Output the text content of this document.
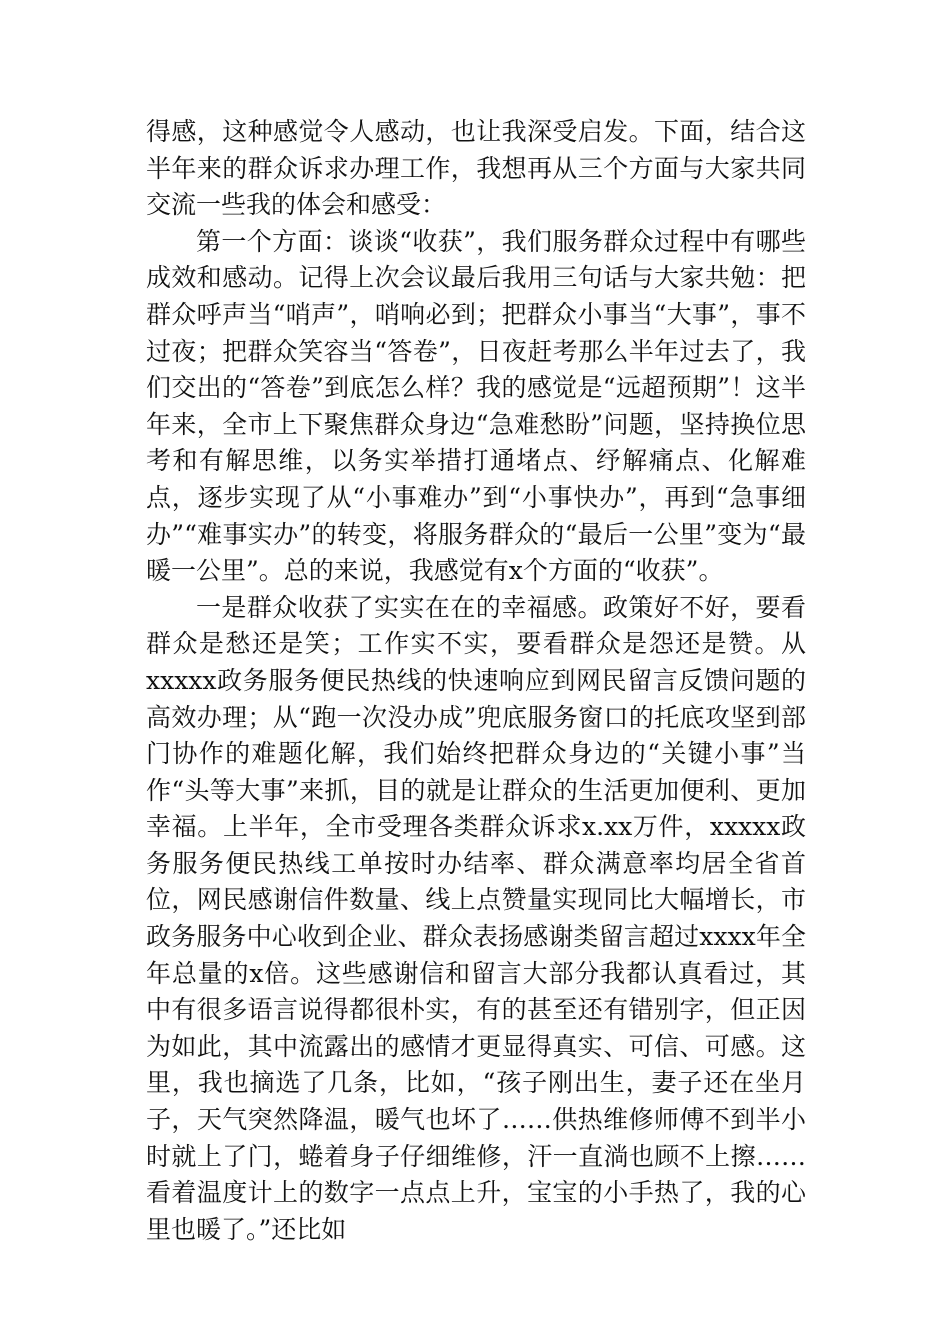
得感，这种感觉令人感动，也让我深受启发。下面，结合这半年来的群众诉求办理工作，我想再从三个方面与大家共同交流一些我的体会和感受：

第一个方面：谈谈“收获”，我们服务群众过程中有哪些成效和感动。记得上次会议最后我用三句话与大家共勉：把群众呼声当“哨声”，哨响必到；把群众小事当“大事”，事不过夜；把群众笑容当“答卷”，日夜赶考那么半年过去了，我们交出的“答卷”到底怎么样？我的感觉是“远超预期”！这半年来，全市上下聚焦群众身边“急难愁盼”问题，坚持换位思考和有解思维，以务实举措打通堵点、纾解痛点、化解难点，逐步实现了从“小事难办”到“小事快办”，再到“急事细办”“难事实办”的转变，将服务群众的“最后一公里”变为“最暖一公里”。总的来说，我感觉有x个方面的“收获”。

一是群众收获了实实在在的幸福感。政策好不好，要看群众是愁还是笑；工作实不实，要看群众是怨还是赞。从xxxxx政务服务便民热线的快速响应到网民留言反馈问题的高效办理；从“跑一次没办成”兜底服务窗口的托底攻坚到部门协作的难题化解，我们始终把群众身边的“关键小事”当作“头等大事”来抓，目的就是让群众的生活更加便利、更加幸福。上半年，全市受理各类群众诉求x.xx万件，xxxxx政务服务便民热线工单按时办结率、群众满意率均居全省首位，网民感谢信件数量、线上点赞量实现同比大幅增长，市政务服务中心收到企业、群众表扬感谢类留言超过xxxx年全年总量的x倍。这些感谢信和留言大部分我都认真看过，其中有很多语言说得都很朴实，有的甚至还有错别字，但正因为如此，其中流露出的感情才更显得真实、可信、可感。这里，我也摘选了几条，比如，“孩子刚出生，妻子还在坐月子，天气突然降温，暖气也坏了……供热维修师傅不到半小时就上了门，蜷着身子仔细维修，汗一直淌也顾不上擦……看着温度计上的数字一点点上升，宝宝的小手热了，我的心里也暖了。”还比如
